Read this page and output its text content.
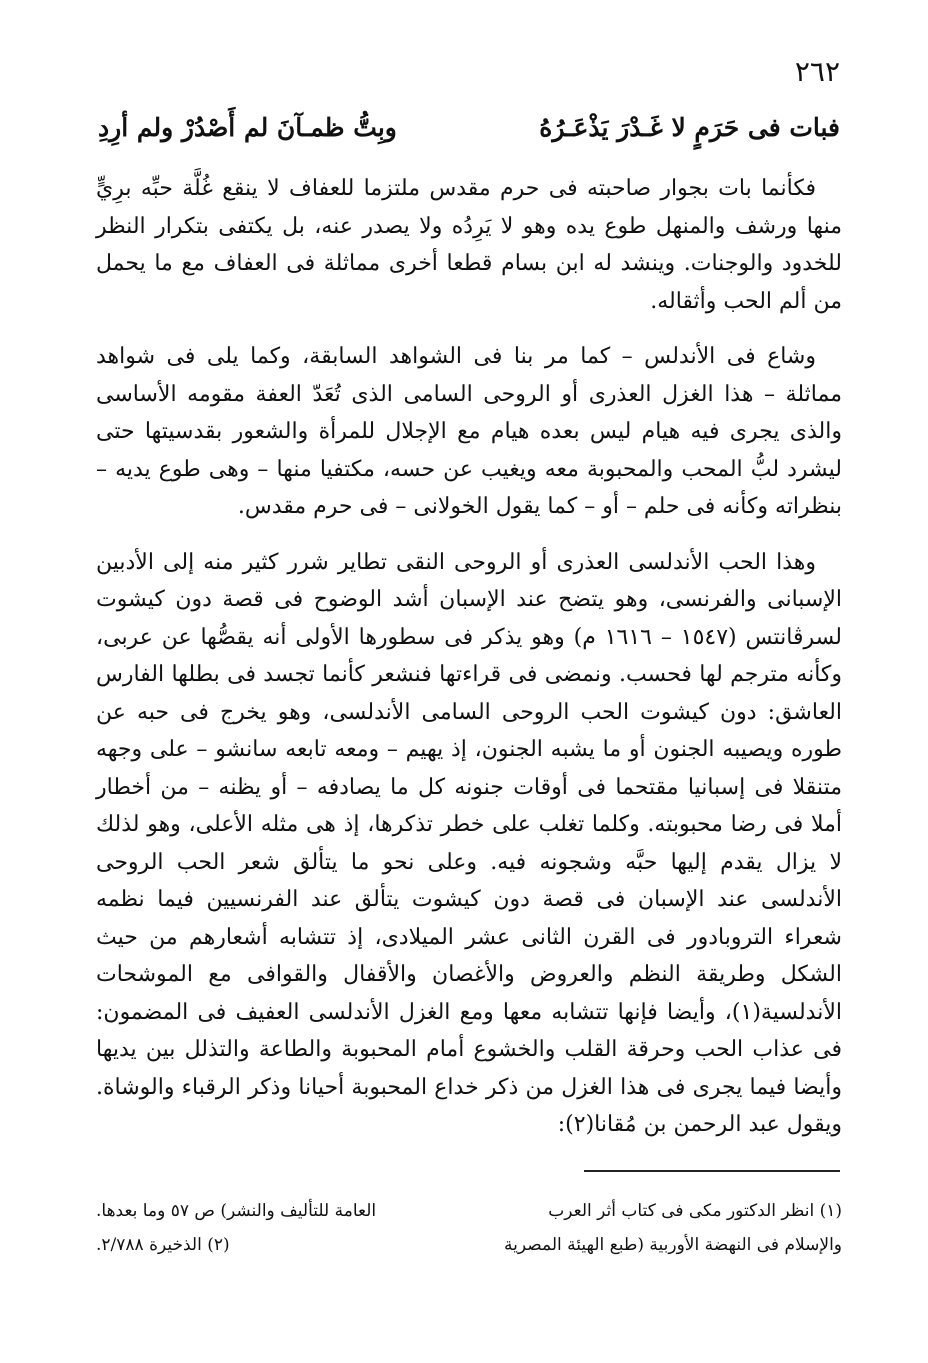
٢٦٢
فبات فى حَرَمٍ لا غَـدْرَ يَذْعَـرُهُ
وبِتُّ ظمـآنَ لم أَصْدُرْ ولم أرِدِ

فكأنما بات بجوار صاحبته فى حرم مقدس ملتزما للعفاف لا ينقع غُلَّة حبِّه برِيٍّ منها ورشف والمنهل طوع يده وهو لا يَرِدُه ولا يصدر عنه، بل يكتفى بتكرار النظر للخدود والوجنات. وينشد له ابن بسام قطعا أخرى مماثلة فى العفاف مع ما يحمل من ألم الحب وأثقاله.

وشاع فى الأندلس – كما مر بنا فى الشواهد السابقة، وكما يلى فى شواهد مماثلة – هذا الغزل العذرى أو الروحى السامى الذى تُعَدّ العفة مقومه الأساسى والذى يجرى فيه هيام ليس بعده هيام مع الإجلال للمرأة والشعور بقدسيتها حتى ليشرد لبُّ المحب والمحبوبة معه ويغيب عن حسه، مكتفيا منها – وهى طوع يديه – بنظراته وكأنه فى حلم – أو – كما يقول الخولانى – فى حرم مقدس.

وهذا الحب الأندلسى العذرى أو الروحى النقى تطاير شرر كثير منه إلى الأدبين الإسبانى والفرنسى، وهو يتضح عند الإسبان أشد الوضوح فى قصة دون كيشوت لسرڤانتس (١٥٤٧ – ١٦١٦ م) وهو يذكر فى سطورها الأولى أنه يقصُّها عن عربى، وكأنه مترجم لها فحسب. ونمضى فى قراءتها فنشعر كأنما تجسد فى بطلها الفارس العاشق: دون كيشوت الحب الروحى السامى الأندلسى، وهو يخرج فى حبه عن طوره ويصيبه الجنون أو ما يشبه الجنون، إذ يهيم – ومعه تابعه سانشو – على وجهه متنقلا فى إسبانيا مقتحما فى أوقات جنونه كل ما يصادفه – أو يظنه – من أخطار أملا فى رضا محبوبته. وكلما تغلب على خطر تذكرها، إذ هى مثله الأعلى، وهو لذلك لا يزال يقدم إليها حبَّه وشجونه فيه. وعلى نحو ما يتألق شعر الحب الروحى الأندلسى عند الإسبان فى قصة دون كيشوت يتألق عند الفرنسيين فيما نظمه شعراء التروبادور فى القرن الثانى عشر الميلادى، إذ تتشابه أشعارهم من حيث الشكل وطريقة النظم والعروض والأغصان والأقفال والقوافى مع الموشحات الأندلسية(١)، وأيضا فإنها تتشابه معها ومع الغزل الأندلسى العفيف فى المضمون: فى عذاب الحب وحرقة القلب والخشوع أمام المحبوبة والطاعة والتذلل بين يديها وأيضا فيما يجرى فى هذا الغزل من ذكر خداع المحبوبة أحيانا وذكر الرقباء والوشاة. ويقول عبد الرحمن بن مُقانا(٢):

(١) انظر الدكتور مكى فى كتاب أثر العرب
العامة للتأليف والنشر) ص ٥٧ وما بعدها.
والإسلام فى النهضة الأوربية (طبع الهيئة المصرية
(٢) الذخيرة ٢/٧٨٨.
